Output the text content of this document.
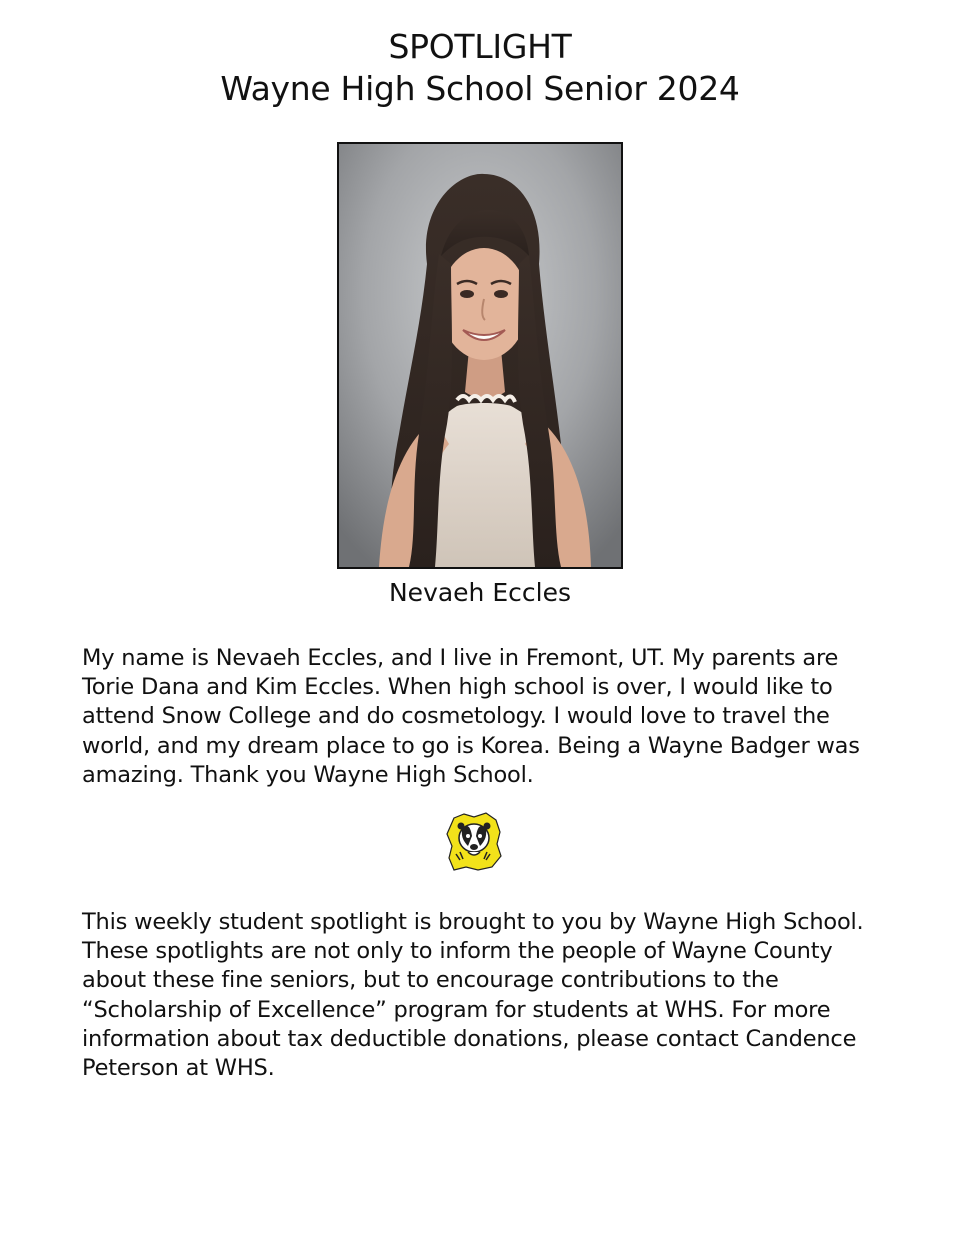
SPOTLIGHT
Wayne High School Senior 2024
Nevaeh Eccles

My name is Nevaeh Eccles, and I live in Fremont, UT. My parents are Torie Dana and Kim Eccles. When high school is over, I would like to attend Snow College and do cosmetology. I would love to travel the world, and my dream place to go is Korea. Being a Wayne Badger was amazing. Thank you Wayne High School.

This weekly student spotlight is brought to you by Wayne High School. These spotlights are not only to inform the people of Wayne County about these fine seniors, but to encourage contributions to the “Scholarship of Excellence” program for students at WHS. For more information about tax deductible donations, please contact Candence Peterson at WHS.
